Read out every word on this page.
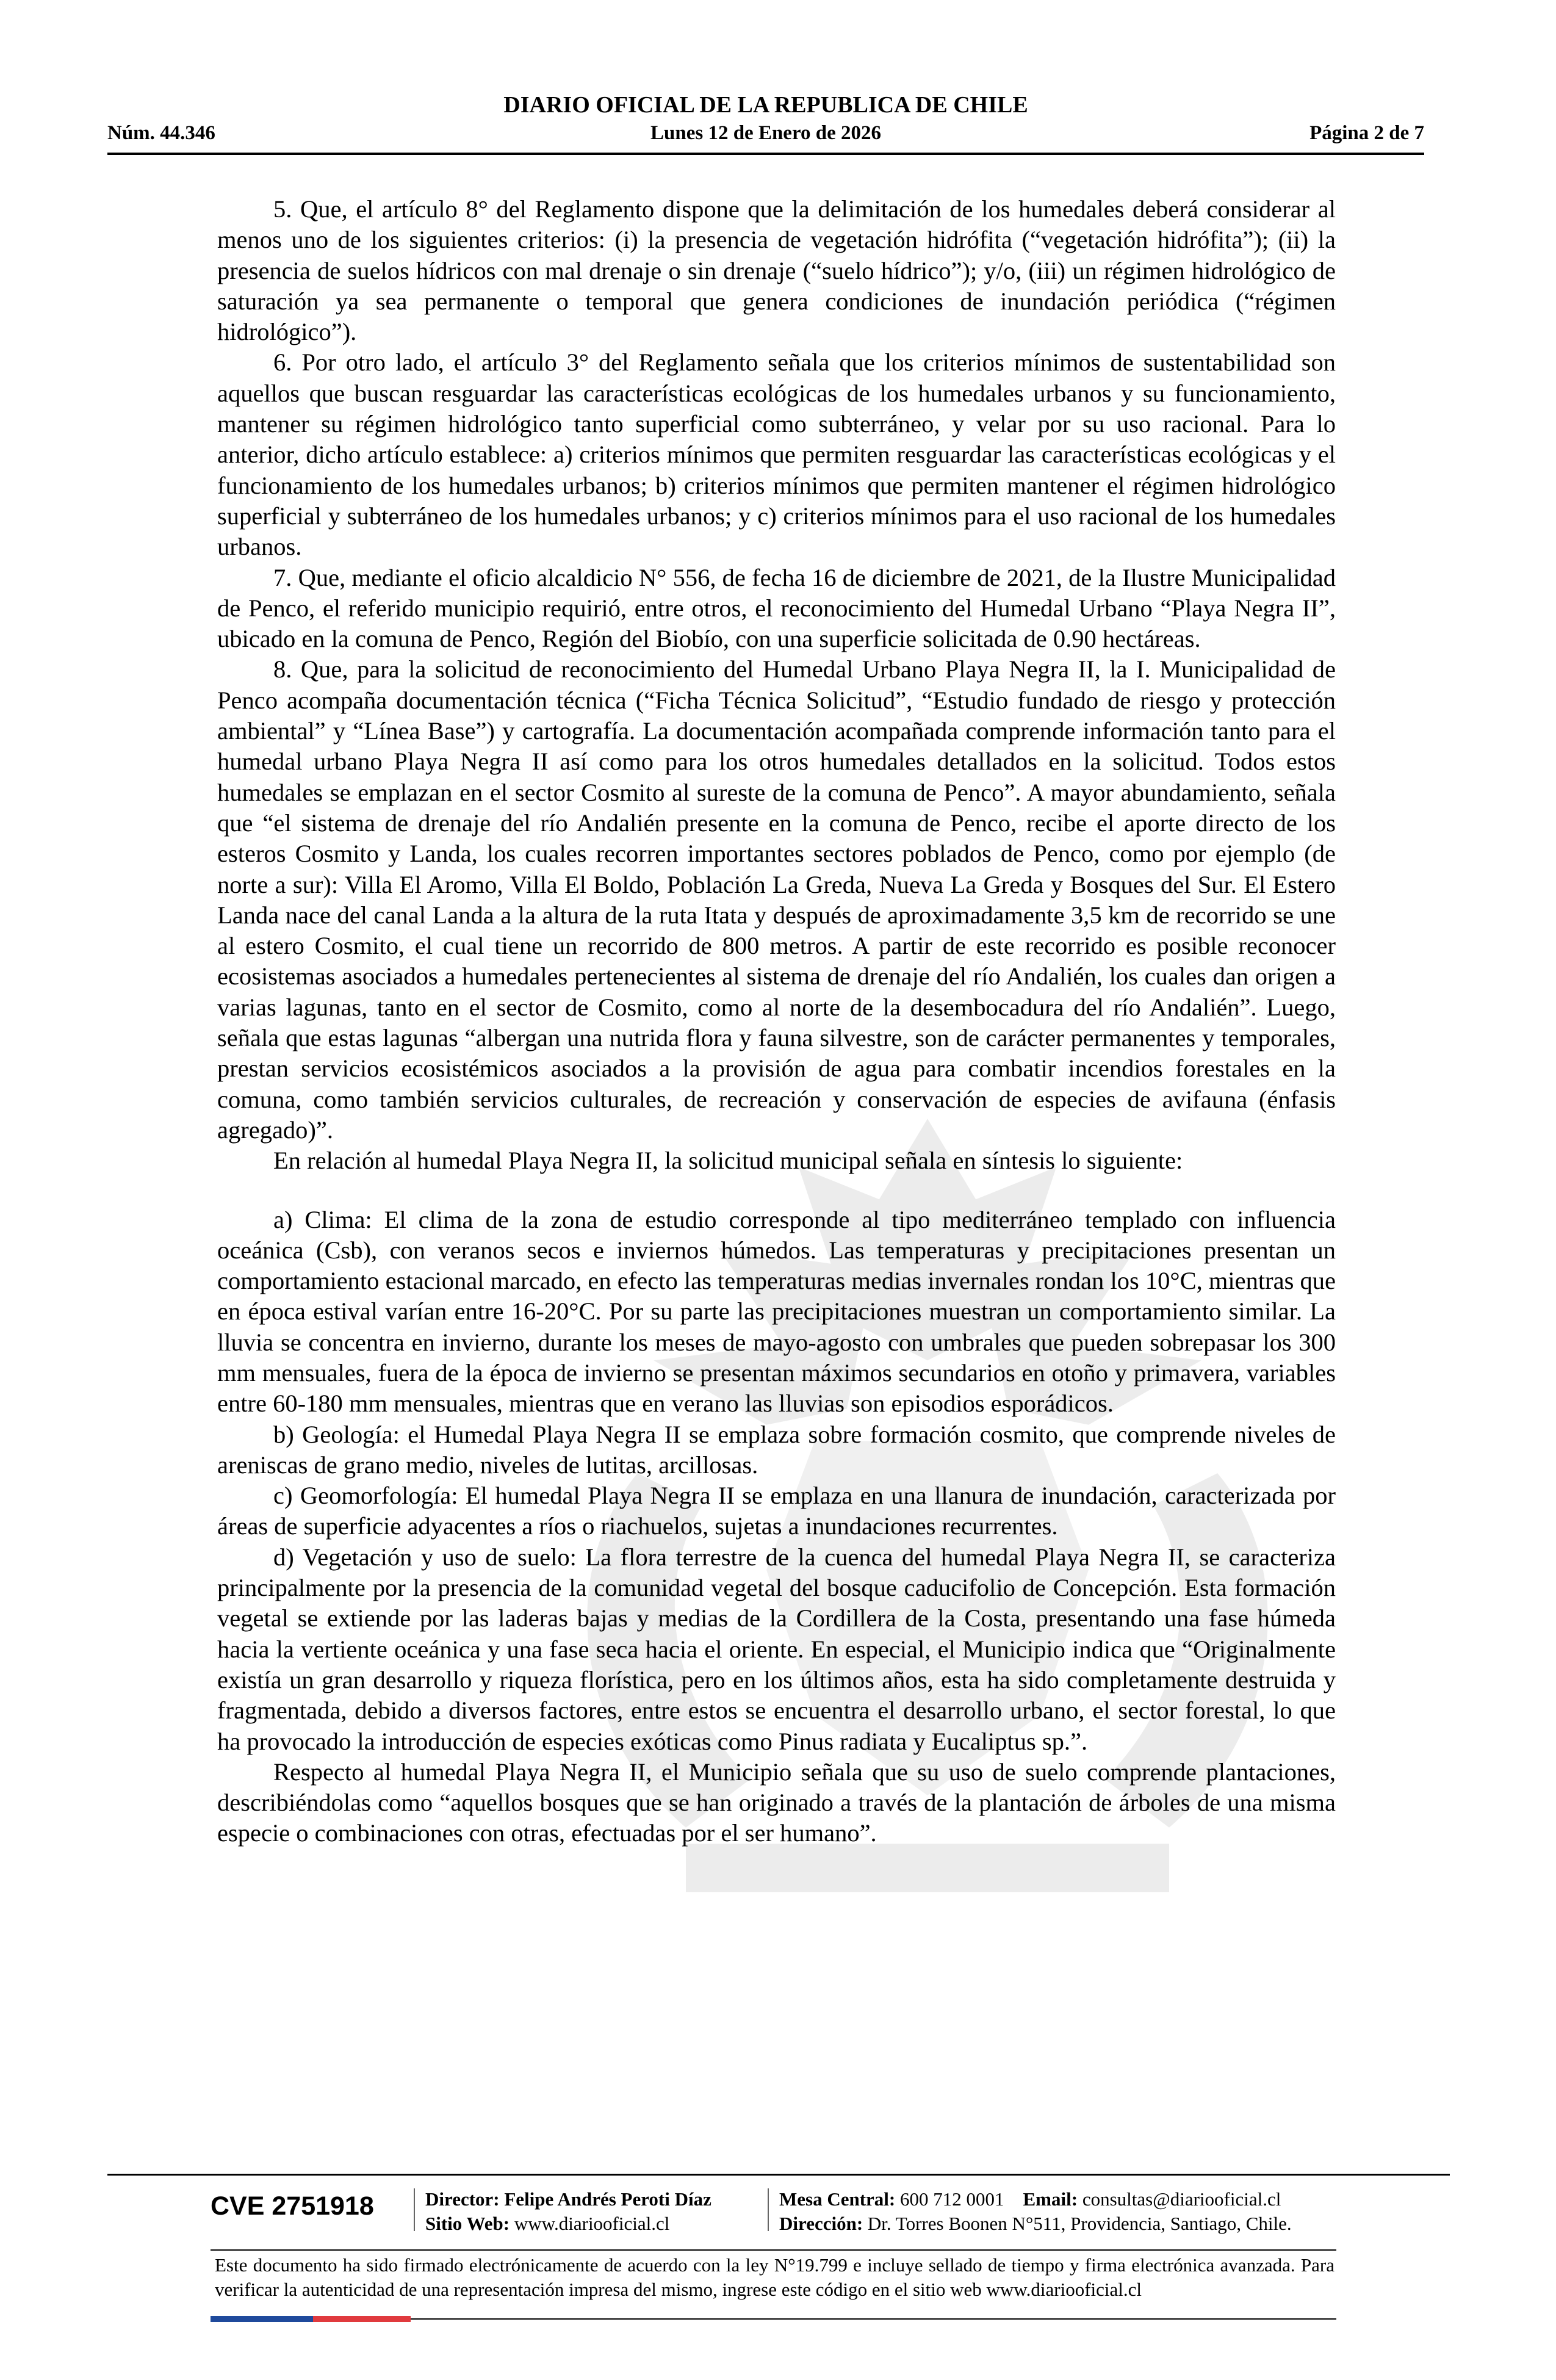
DIARIO OFICIAL DE LA REPUBLICA DE CHILE
Núm. 44.346	Lunes 12 de Enero de 2026	Página 2 de 7

5. Que, el artículo 8° del Reglamento dispone que la delimitación de los humedales deberá considerar al menos uno de los siguientes criterios: (i) la presencia de vegetación hidrófita (“vegetación hidrófita”); (ii) la presencia de suelos hídricos con mal drenaje o sin drenaje (“suelo hídrico”); y/o, (iii) un régimen hidrológico de saturación ya sea permanente o temporal que genera condiciones de inundación periódica (“régimen hidrológico”).

6. Por otro lado, el artículo 3° del Reglamento señala que los criterios mínimos de sustentabilidad son aquellos que buscan resguardar las características ecológicas de los humedales urbanos y su funcionamiento, mantener su régimen hidrológico tanto superficial como subterráneo, y velar por su uso racional. Para lo anterior, dicho artículo establece: a) criterios mínimos que permiten resguardar las características ecológicas y el funcionamiento de los humedales urbanos; b) criterios mínimos que permiten mantener el régimen hidrológico superficial y subterráneo de los humedales urbanos; y c) criterios mínimos para el uso racional de los humedales urbanos.

7. Que, mediante el oficio alcaldicio N° 556, de fecha 16 de diciembre de 2021, de la Ilustre Municipalidad de Penco, el referido municipio requirió, entre otros, el reconocimiento del Humedal Urbano “Playa Negra II”, ubicado en la comuna de Penco, Región del Biobío, con una superficie solicitada de 0.90 hectáreas.

8. Que, para la solicitud de reconocimiento del Humedal Urbano Playa Negra II, la I. Municipalidad de Penco acompaña documentación técnica (“Ficha Técnica Solicitud”, “Estudio fundado de riesgo y protección ambiental” y “Línea Base”) y cartografía. La documentación acompañada comprende información tanto para el humedal urbano Playa Negra II así como para los otros humedales detallados en la solicitud. Todos estos humedales se emplazan en el sector Cosmito al sureste de la comuna de Penco”. A mayor abundamiento, señala que “el sistema de drenaje del río Andalién presente en la comuna de Penco, recibe el aporte directo de los esteros Cosmito y Landa, los cuales recorren importantes sectores poblados de Penco, como por ejemplo (de norte a sur): Villa El Aromo, Villa El Boldo, Población La Greda, Nueva La Greda y Bosques del Sur. El Estero Landa nace del canal Landa a la altura de la ruta Itata y después de aproximadamente 3,5 km de recorrido se une al estero Cosmito, el cual tiene un recorrido de 800 metros. A partir de este recorrido es posible reconocer ecosistemas asociados a humedales pertenecientes al sistema de drenaje del río Andalién, los cuales dan origen a varias lagunas, tanto en el sector de Cosmito, como al norte de la desembocadura del río Andalién”. Luego, señala que estas lagunas “albergan una nutrida flora y fauna silvestre, son de carácter permanentes y temporales, prestan servicios ecosistémicos asociados a la provisión de agua para combatir incendios forestales en la comuna, como también servicios culturales, de recreación y conservación de especies de avifauna (énfasis agregado)”.

En relación al humedal Playa Negra II, la solicitud municipal señala en síntesis lo siguiente:

a) Clima: El clima de la zona de estudio corresponde al tipo mediterráneo templado con influencia oceánica (Csb), con veranos secos e inviernos húmedos. Las temperaturas y precipitaciones presentan un comportamiento estacional marcado, en efecto las temperaturas medias invernales rondan los 10°C, mientras que en época estival varían entre 16-20°C. Por su parte las precipitaciones muestran un comportamiento similar. La lluvia se concentra en invierno, durante los meses de mayo-agosto con umbrales que pueden sobrepasar los 300 mm mensuales, fuera de la época de invierno se presentan máximos secundarios en otoño y primavera, variables entre 60-180 mm mensuales, mientras que en verano las lluvias son episodios esporádicos.

b) Geología: el Humedal Playa Negra II se emplaza sobre formación cosmito, que comprende niveles de areniscas de grano medio, niveles de lutitas, arcillosas.

c) Geomorfología: El humedal Playa Negra II se emplaza en una llanura de inundación, caracterizada por áreas de superficie adyacentes a ríos o riachuelos, sujetas a inundaciones recurrentes.

d) Vegetación y uso de suelo: La flora terrestre de la cuenca del humedal Playa Negra II, se caracteriza principalmente por la presencia de la comunidad vegetal del bosque caducifolio de Concepción. Esta formación vegetal se extiende por las laderas bajas y medias de la Cordillera de la Costa, presentando una fase húmeda hacia la vertiente oceánica y una fase seca hacia el oriente. En especial, el Municipio indica que “Originalmente existía un gran desarrollo y riqueza florística, pero en los últimos años, esta ha sido completamente destruida y fragmentada, debido a diversos factores, entre estos se encuentra el desarrollo urbano, el sector forestal, lo que ha provocado la introducción de especies exóticas como Pinus radiata y Eucaliptus sp.”.

Respecto al humedal Playa Negra II, el Municipio señala que su uso de suelo comprende plantaciones, describiéndolas como “aquellos bosques que se han originado a través de la plantación de árboles de una misma especie o combinaciones con otras, efectuadas por el ser humano”.

CVE 2751918	Director: Felipe Andrés Peroti Díaz
Sitio Web: www.diariooficial.cl
Mesa Central: 600 712 0001 Email: consultas@diariooficial.cl
Dirección: Dr. Torres Boonen N°511, Providencia, Santiago, Chile.
Este documento ha sido firmado electrónicamente de acuerdo con la ley N°19.799 e incluye sellado de tiempo y firma electrónica avanzada. Para verificar la autenticidad de una representación impresa del mismo, ingrese este código en el sitio web www.diariooficial.cl
